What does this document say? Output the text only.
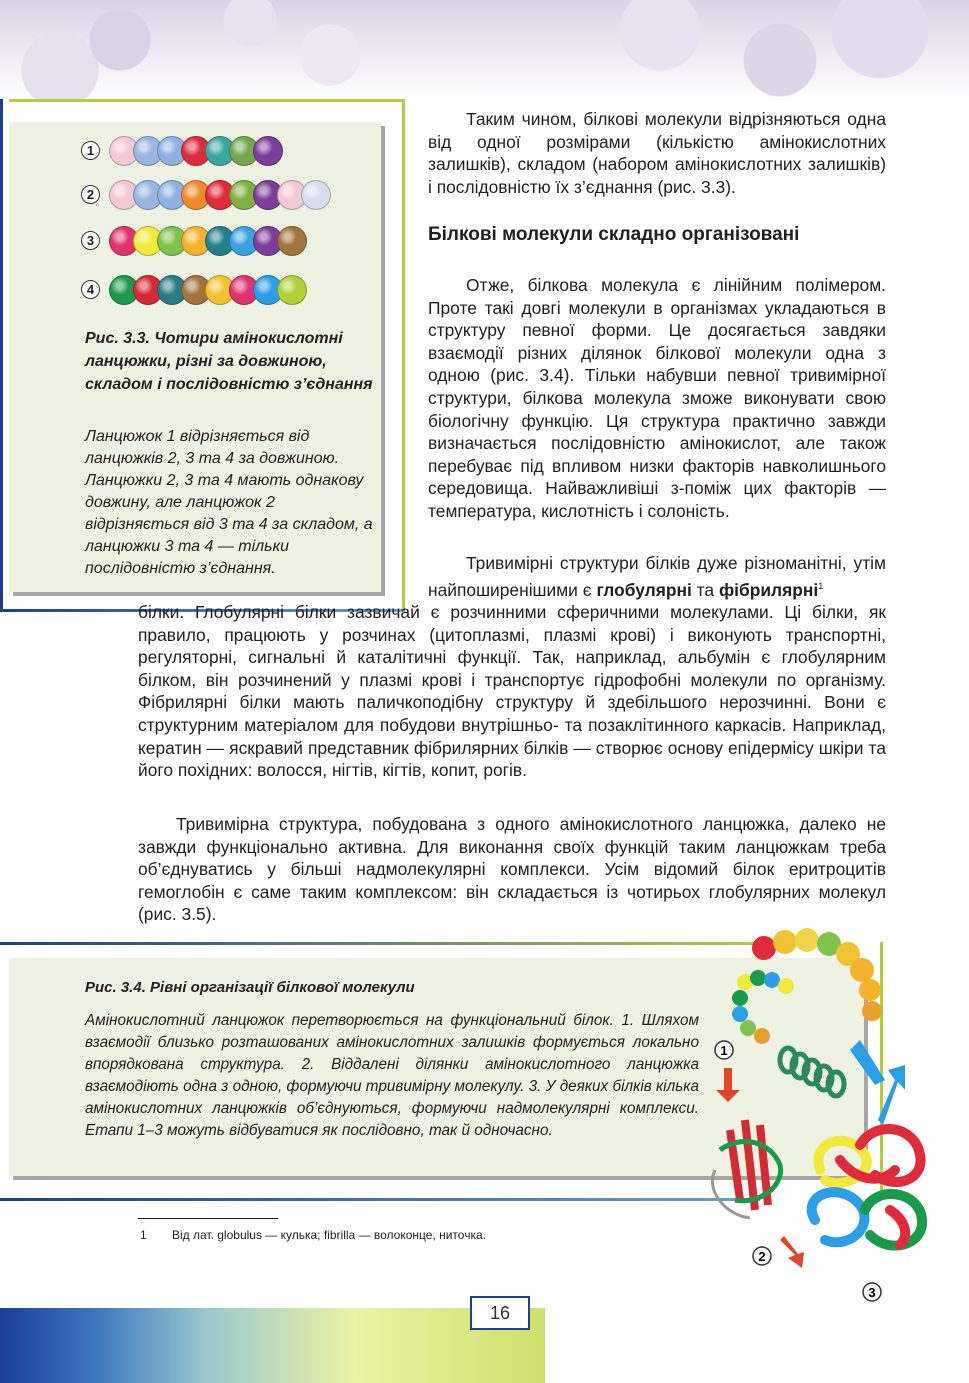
1
2
3
4
Рис. 3.3. Чотири амінокислотні ланцюжки, різні за довжиною, складом і послідовністю з’єднання
Ланцюжок 1 відрізняється від ланцюжків 2, 3 та 4 за довжиною. Ланцюжки 2, 3 та 4 мають однакову довжину, але ланцюжок 2 відрізняється від 3 та 4 за складом, а ланцюжки 3 та 4 — тільки послідовністю з’єднання.
Таким чином, білкові молекули відрізняються одна від одної розмірами (кількістю амінокислотних залишків), складом (набором амінокислотних залишків) і послідовністю їх з’єднання (рис. 3.3).
Білкові молекули складно організовані
Отже, білкова молекула є лінійним полімером. Проте такі довгі молекули в організмах укладаються в структуру певної форми. Це досягається завдяки взаємодії різних ділянок білкової молекули одна з одною (рис. 3.4). Тільки набувши певної тривимірної структури, білкова молекула зможе виконувати свою біологічну функцію. Ця структура практично завжди визначається послідовністю амінокислот, але також перебуває під впливом низки факторів навколишнього середовища. Найважливіші з-поміж цих факторів — температура, кислотність і солоність.
Тривимірні структури білків дуже різноманітні, утім найпоширенішими є глобулярні та фібрилярні$^1$
білки. Глобулярні білки зазвичай є розчинними сферичними молекулами. Ці білки, як правило, працюють у розчинах (цитоплазмі, плазмі крові) і виконують транспортні, регуляторні, сигнальні й каталітичні функції. Так, наприклад, альбумін є глобулярним білком, він розчинений у плазмі крові і транспортує гідрофобні молекули по організму. Фібрилярні білки мають паличкоподібну структуру й здебільшого нерозчинні. Вони є структурним матеріалом для побудови внутрішньо- та позаклітинного каркасів. Наприклад, кератин — яскравий представник фібрилярних білків — створює основу епідермісу шкіри та його похідних: волосся, нігтів, кігтів, копит, рогів.
Тривимірна структура, побудована з одного амінокислотного ланцюжка, далеко не завжди функціонально активна. Для виконання своїх функцій таким ланцюжкам треба об’єднуватись у більші надмолекулярні комплекси. Усім відомий білок еритроцитів гемоглобін є саме таким комплексом: він складається із чотирьох глобулярних молекул (рис. 3.5).
Рис. 3.4. Рівні організації білкової молекули
Амінокислотний ланцюжок перетворюється на функціональний білок. 1. Шляхом взаємодії близько розташованих амінокислотних залишків формується локально впорядкована структура. 2. Віддалені ділянки амінокислотного ланцюжка взаємодіють одна з одною, формуючи тривимірну молекулу. 3. У деяких білків кілька амінокислотних ланцюжків об’єднуються, формуючи надмолекулярні комплекси. Етапи 1–3 можуть відбуватися як послідовно, так й одночасно.
1
2
3
1 Від лат. globulus — кулька; fibrilla — волоконце, ниточка.
16
